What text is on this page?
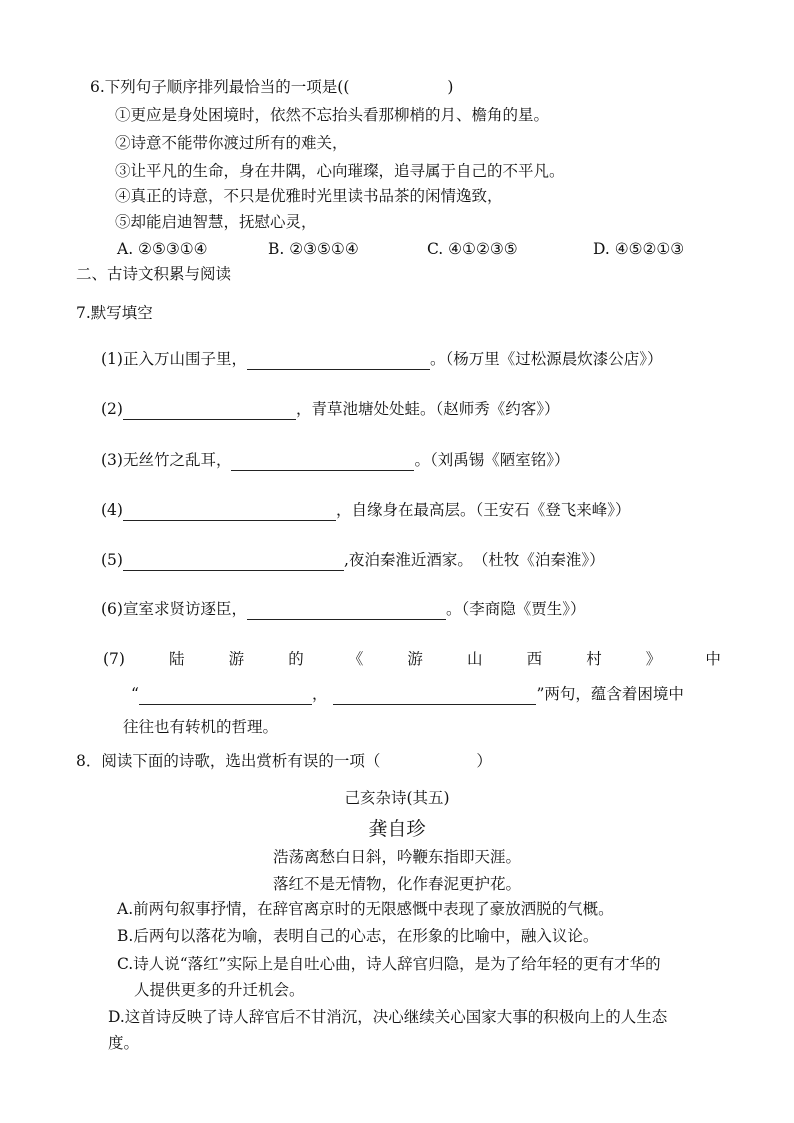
6.下列句子顺序排列最恰当的一项是((	)
①更应是身处困境时，依然不忘抬头看那柳梢的月、檐角的星。
②诗意不能带你渡过所有的难关，
③让平凡的生命，身在井隅，心向璀璨，追寻属于自己的不平凡。
④真正的诗意，不只是优雅时光里读书品茶的闲情逸致，
⑤却能启迪智慧，抚慰心灵，
A. ②⑤③①④	B. ②③⑤①④	C. ④①②③⑤	D. ④⑤②①③
二、古诗文积累与阅读
7.默写填空
(1)正入万山围子里，	。（杨万里《过松源晨炊漆公店》）
(2)	，青草池塘处处蛙。（赵师秀《约客》）
(3)无丝竹之乱耳，	。（刘禹锡《陋室铭》）
(4)	，自缘身在最高层。（王安石《登飞来峰》）
(5)	,夜泊秦淮近酒家。　（杜牧《泊秦淮》）
(6)宣室求贤访逐臣，	。（李商隐《贾生》）
(7)	陆	游	的	《	游	山	西	村	》	中
“	，	”两句，蕴含着困境中
往往也有转机的哲理。
8．阅读下面的诗歌，选出赏析有误的一项（	）
己亥杂诗(其五)
龚自珍
浩荡离愁白日斜，吟鞭东指即天涯。
落红不是无情物，化作春泥更护花。
A.前两句叙事抒情，在辞官离京时的无限感慨中表现了豪放洒脱的气概。
B.后两句以落花为喻，表明自己的心志，在形象的比喻中，融入议论。
C.诗人说“落红”实际上是自吐心曲，诗人辞官归隐，是为了给年轻的更有才华的
人提供更多的升迁机会。
D.这首诗反映了诗人辞官后不甘消沉，决心继续关心国家大事的积极向上的人生态
度。
